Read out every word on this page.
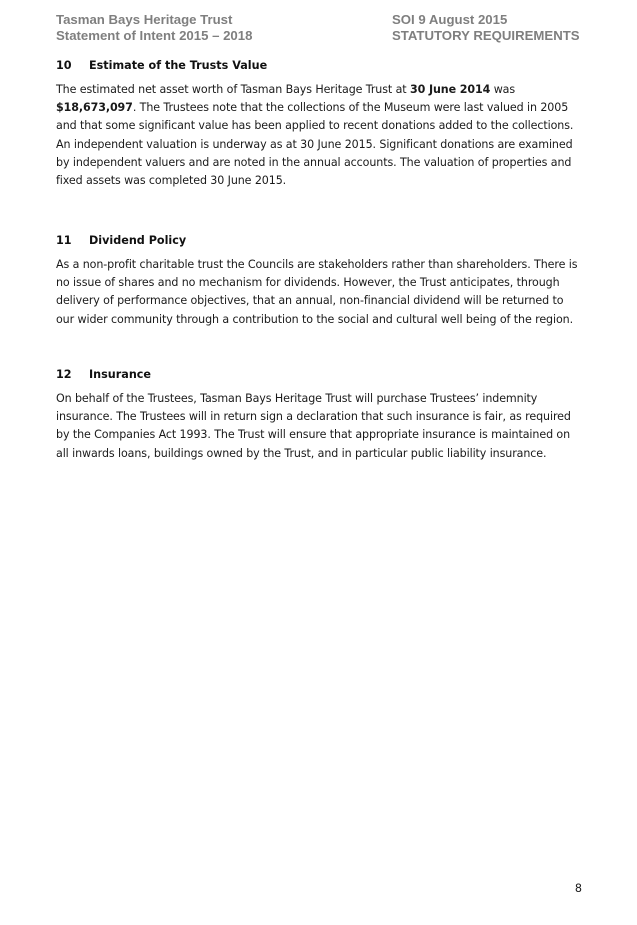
Tasman Bays Heritage Trust
Statement of Intent 2015 – 2018
SOI 9 August 2015
STATUTORY REQUIREMENTS
10 Estimate of the Trusts Value

The estimated net asset worth of Tasman Bays Heritage Trust at 30 June 2014 was $18,673,097. The Trustees note that the collections of the Museum were last valued in 2005 and that some significant value has been applied to recent donations added to the collections. An independent valuation is underway as at 30 June 2015. Significant donations are examined by independent valuers and are noted in the annual accounts. The valuation of properties and fixed assets was completed 30 June 2015.

11 Dividend Policy

As a non-profit charitable trust the Councils are stakeholders rather than shareholders. There is no issue of shares and no mechanism for dividends. However, the Trust anticipates, through delivery of performance objectives, that an annual, non-financial dividend will be returned to our wider community through a contribution to the social and cultural well being of the region.

12 Insurance

On behalf of the Trustees, Tasman Bays Heritage Trust will purchase Trustees’ indemnity insurance. The Trustees will in return sign a declaration that such insurance is fair, as required by the Companies Act 1993. The Trust will ensure that appropriate insurance is maintained on all inwards loans, buildings owned by the Trust, and in particular public liability insurance.

8
